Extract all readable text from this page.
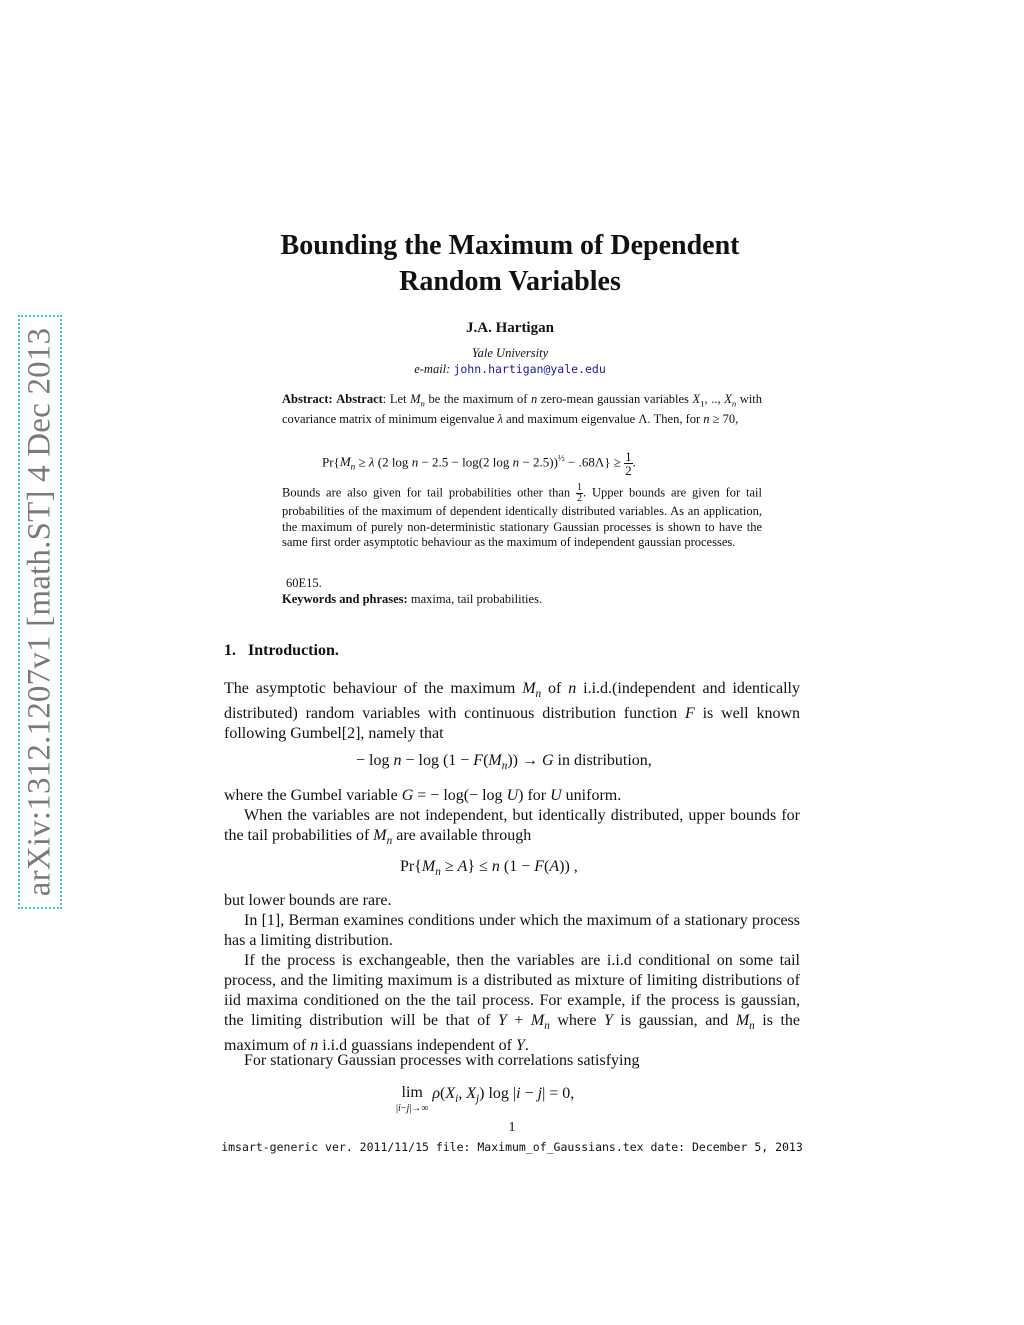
arXiv:1312.1207v1 [math.ST] 4 Dec 2013
Bounding the Maximum of Dependent
Random Variables
J.A. Hartigan
Yale University
e-mail: john.hartigan@yale.edu
Abstract: Abstract: Let $M_n$ be the maximum of n zero-mean gaussian variables $X_1$, .., $X_n$ with covariance matrix of minimum eigenvalue λ and maximum eigenvalue Λ. Then, for n ≥ 70,
$Pr\{M_n \ge \lambda$ (2 log n − 2.5 − log(2 $\log n - 2.5))^{\frac{1}{2}} - .68\Lambda\} \ge \frac{1}{2}$ .
Bounds are also given for tail probabilities other than $\frac{1}{2}$ . Upper bounds are given for tail probabilities of the maximum of dependent identically distributed variables. As an application, the maximum of purely non-deterministic stationary Gaussian processes is shown to have the same first order asymptotic behaviour as the maximum of independent gaussian processes.
60E15.
Keywords and phrases: maxima, tail probabilities.
1. Introduction.
The asymptotic behaviour of the maximum $M_n$ of n i.i.d.(independent and identically distributed) random variables with continuous distribution function F is well known following Gumbel[2], namely that
− $\log n - \log (1 - F(M_n)) \to G$ in distribution,
where the Gumbel variable G = − log(− log U) for U uniform.
When the variables are not independent, but identically distributed, upper bounds for the tail probabilities of $M_n$ are available through
$Pr\{M_n \ge A\} \le n$ (1 − F(A)) ,
but lower bounds are rare.
In [1], Berman examines conditions under which the maximum of a stationary process has a limiting distribution.
If the process is exchangeable, then the variables are i.i.d conditional on some tail process, and the limiting maximum is a distributed as mixture of limiting distributions of iid maxima conditioned on the the tail process. For example, if the process is gaussian, the limiting distribution will be that of $Y + M_n$ where Y is gaussian, and $M_n$ is the maximum of n i.i.d guassians independent of Y.
For stationary Gaussian processes with correlations satisfying
lim
|i−j|→∞
$\rho(X_i$, $X_j$) log |i − j| = 0,
1
imsart-generic ver. 2011/11/15 file: Maximum_of_Gaussians.tex date: December 5, 2013
